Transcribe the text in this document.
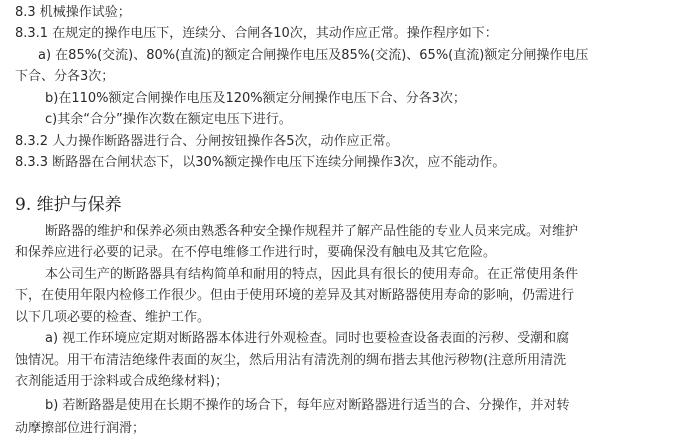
8.3 机械操作试验；
8.3.1 在规定的操作电压下，连续分、合闸各10次，其动作应正常。操作程序如下：
a) 在85%(交流)、80%(直流)的额定合闸操作电压及85%(交流)、65%(直流)额定分闸操作电压
下合、分各3次；
b)在110%额定合闸操作电压及120%额定分闸操作电压下合、分各3次；
c)其余“合分”操作次数在额定电压下进行。
8.3.2 人力操作断路器进行合、分闸按钮操作各5次，动作应正常。
8.3.3 断路器在合闸状态下，以30%额定操作电压下连续分闸操作3次，应不能动作。
9. 维护与保养
断路器的维护和保养必须由熟悉各种安全操作规程并了解产品性能的专业人员来完成。对维护
和保养应进行必要的记录。在不停电维修工作进行时，要确保没有触电及其它危险。
本公司生产的断路器具有结构简单和耐用的特点，因此具有很长的使用寿命。在正常使用条件
下，在使用年限内检修工作很少。但由于使用环境的差异及其对断路器使用寿命的影响，仍需进行
以下几项必要的检查、维护工作。
a) 视工作环境应定期对断路器本体进行外观检查。同时也要检查设备表面的污秽、受潮和腐
蚀情况。用干布清洁绝缘件表面的灰尘，然后用沾有清洗剂的绸布揩去其他污秽物(注意所用清洗
衣剂能适用于涂料或合成绝缘材料)；
b) 若断路器是使用在长期不操作的场合下，每年应对断路器进行适当的合、分操作，并对转
动摩擦部位进行润滑；
